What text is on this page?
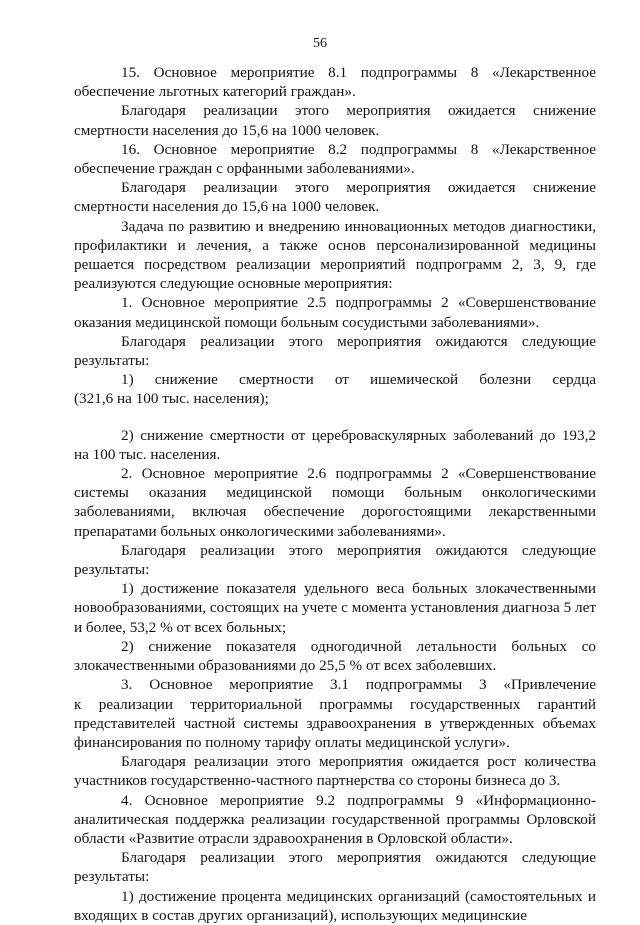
56
15. Основное мероприятие 8.1 подпрограммы 8 «Лекарственное
обеспечение льготных категорий граждан».
Благодаря реализации этого мероприятия ожидается снижение
смертности населения до 15,6 на 1000 человек.
16. Основное мероприятие 8.2 подпрограммы 8 «Лекарственное
обеспечение граждан с орфанными заболеваниями».
Благодаря реализации этого мероприятия ожидается снижение
смертности населения до 15,6 на 1000 человек.
Задача по развитию и внедрению инновационных методов диагностики,
профилактики и лечения, а также основ персонализированной медицины
решается посредством реализации мероприятий подпрограмм 2, 3, 9, где
реализуются следующие основные мероприятия:
1. Основное мероприятие 2.5 подпрограммы 2 «Совершенствование
оказания медицинской помощи больным сосудистыми заболеваниями».
Благодаря реализации этого мероприятия ожидаются следующие
результаты:
1) снижение смертности от ишемической болезни сердца
(321,6 на 100 тыс. населения);
2) снижение смертности от цереброваскулярных заболеваний до 193,2
на 100 тыс. населения.
2. Основное мероприятие 2.6 подпрограммы 2 «Совершенствование
системы оказания медицинской помощи больным онкологическими
заболеваниями, включая обеспечение дорогостоящими лекарственными
препаратами больных онкологическими заболеваниями».
Благодаря реализации этого мероприятия ожидаются следующие
результаты:
1) достижение показателя удельного веса больных злокачественными
новообразованиями, состоящих на учете с момента установления диагноза 5 лет
и более, 53,2 % от всех больных;
2) снижение показателя одногодичной летальности больных со
злокачественными образованиями до 25,5 % от всех заболевших.
3. Основное мероприятие 3.1 подпрограммы 3 «Привлечение
к реализации территориальной программы государственных гарантий
представителей частной системы здравоохранения в утвержденных объемах
финансирования по полному тарифу оплаты медицинской услуги».
Благодаря реализации этого мероприятия ожидается рост количества
участников государственно-частного партнерства со стороны бизнеса до 3.
4. Основное мероприятие 9.2 подпрограммы 9 «Информационно-
аналитическая поддержка реализации государственной программы Орловской
области «Развитие отрасли здравоохранения в Орловской области».
Благодаря реализации этого мероприятия ожидаются следующие
результаты:
1) достижение процента медицинских организаций (самостоятельных и
входящих в состав других организаций), использующих медицинские
